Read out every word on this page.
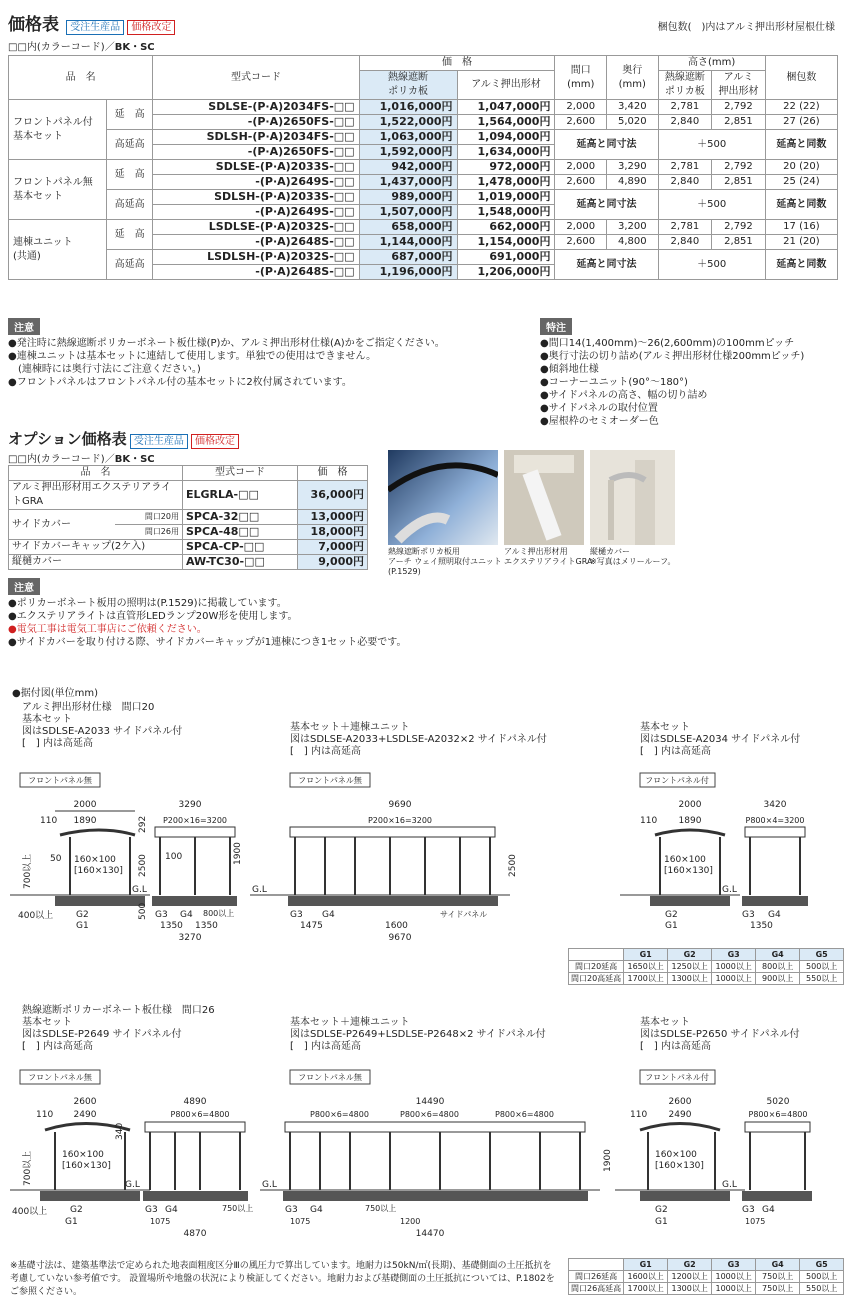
価格表 受注生産品 価格改定	梱包数(　)内はアルミ押出形材屋根仕様
□□内(カラーコード)／BK・SC
品　名		型式コード	価　格		間口
(mm)	奥行
(mm)	高さ(mm)		梱包数
			熱線遮断
ポリカ板	アルミ押出形材			熱線遮断
ポリカ板	アルミ
押出形材	
フロントパネル付
基本セット	延　高	SDLSE-(P·A)2034FS-□□	1,016,000円	1,047,000円	2,000	3,420	2,781	2,792	22 (22)
		-(P·A)2650FS-□□	1,522,000円	1,564,000円	2,600	5,020	2,840	2,851	27 (26)
	高延高	SDLSH-(P·A)2034FS-□□	1,063,000円	1,094,000円	延高と同寸法		＋500		延高と同数
		-(P·A)2650FS-□□	1,592,000円	1,634,000円					
フロントパネル無
基本セット	延　高	SDLSE-(P·A)2033S-□□	942,000円	972,000円	2,000	3,290	2,781	2,792	20 (20)
		-(P·A)2649S-□□	1,437,000円	1,478,000円	2,600	4,890	2,840	2,851	25 (24)
	高延高	SDLSH-(P·A)2033S-□□	989,000円	1,019,000円	延高と同寸法		＋500		延高と同数
		-(P·A)2649S-□□	1,507,000円	1,548,000円					
連棟ユニット
(共通)	延　高	LSDLSE-(P·A)2032S-□□	658,000円	662,000円	2,000	3,200	2,781	2,792	17 (16)
		-(P·A)2648S-□□	1,144,000円	1,154,000円	2,600	4,800	2,840	2,851	21 (20)
	高延高	LSDLSH-(P·A)2032S-□□	687,000円	691,000円	延高と同寸法		＋500		延高と同数
		-(P·A)2648S-□□	1,196,000円	1,206,000円					
注意
●発注時に熱線遮断ポリカーボネート板仕様(P)か、アルミ押出形材仕様(A)かをご指定ください。
●連棟ユニットは基本セットに連結して使用します。単独での使用はできません。
(連棟時には奥行寸法にご注意ください。)
●フロントパネルはフロントパネル付の基本セットに2枚付属されています。
特注
●間口14(1,400mm)～26(2,600mm)の100mmピッチ
●奥行寸法の切り詰め(アルミ押出形材仕様200mmピッチ)
●傾斜地仕様
●コーナーユニット(90°～180°)
●サイドパネルの高さ、幅の切り詰め
●サイドパネルの取付位置
●屋根枠のセミオーダー色
オプション価格表 受注生産品 価格改定
□□内(カラーコード)／BK・SC
品　名		型式コード	価　格
アルミ押出形材用エクステリアライトGRA		ELGRLA-□□	36,000円
サイドカバー	間口20用	SPCA-32□□	13,000円
	間口26用	SPCA-48□□	18,000円
サイドカバーキャップ(2ケ入)		SPCA-CP-□□	7,000円
縦樋カバー		AW-TC30-□□	9,000円
熱線遮断ポリカ板用
アーチ ウェイ照明取付ユニット
(P.1529)
アルミ押出形材用
エクステリアライトGRA
縦樋カバー
※写真はメリールーフ。
注意
●ポリカーボネート板用の照明は(P.1529)に掲載しています。
●エクステリアライトは直管形LEDランプ20W形を使用します。
●電気工事は電気工事店にご依頼ください。
●サイドカバーを取り付ける際、サイドカバーキャップが1連棟につき1セット必要です。
●据付図(単位mm)
アルミ押出形材仕様　間口20
基本セット
図はSDLSE-A2033 サイドパネル付
[　] 内は高延高
基本セット＋連棟ユニット
図はSDLSE-A2033+LSDLSE-A2032×2 サイドパネル付
[　] 内は高延高
基本セット
図はSDLSE-A2034 サイドパネル付
[　] 内は高延高
フロントパネル無	フロントパネル無	フロントパネル付
2000
110 1890
160×100
[160×130]
700以上 50
G.L
400以上	G2
G1
292
2500
500
3290
P200×16=3200
100	1900
G3 G4 800以上
1350 1350
3270
9690
P200×16=3200
G.L
G3 G4	サイドパネル
1475	1600
9670
2500
2000
110 1890
160×100
[160×130]
G.L
G2
G1
3420
P800×4=3200
G3 G4
1350
	G1	G2	G3	G4	G5
間口20延高	1650以上	1250以上	1000以上	800以上	500以上
間口20高延高	1700以上	1300以上	1000以上	900以上	550以上
熱線遮断ポリカーボネート板仕様　間口26
基本セット
図はSDLSE-P2649 サイドパネル付
[　] 内は高延高
基本セット＋連棟ユニット
図はSDLSE-P2649+LSDLSE-P2648×2 サイドパネル付
[　] 内は高延高
基本セット
図はSDLSE-P2650 サイドパネル付
[　] 内は高延高
フロントパネル無	フロントパネル無	フロントパネル付
2600
110 2490
160×100
[160×130]
700以上	G.L
400以上	G2
G1
340
4890
P800×6=4800
G3 G4	750以上
1075
4870
14490
P800×6=4800	P800×6=4800	P800×6=4800
G.L
G3 G4	750以上
1075	1200
14470
1900
2600
110 2490
160×100
[160×130]
G.L
G2
G1
5020
P800×6=4800
G3 G4
1075
	G1	G2	G3	G4	G5
間口26延高	1600以上	1200以上	1000以上	750以上	500以上
間口26高延高	1700以上	1300以上	1000以上	750以上	550以上
※基礎寸法は、建築基準法で定められた地表面粗度区分Ⅲの風圧力で算出しています。地耐力は50kN/㎡(長期)、基礎側面の土圧抵抗を考慮していない参考値です。 設置場所や地盤の状況により検証してください。地耐力および基礎側面の土圧抵抗については、P.1802をご参照ください。
